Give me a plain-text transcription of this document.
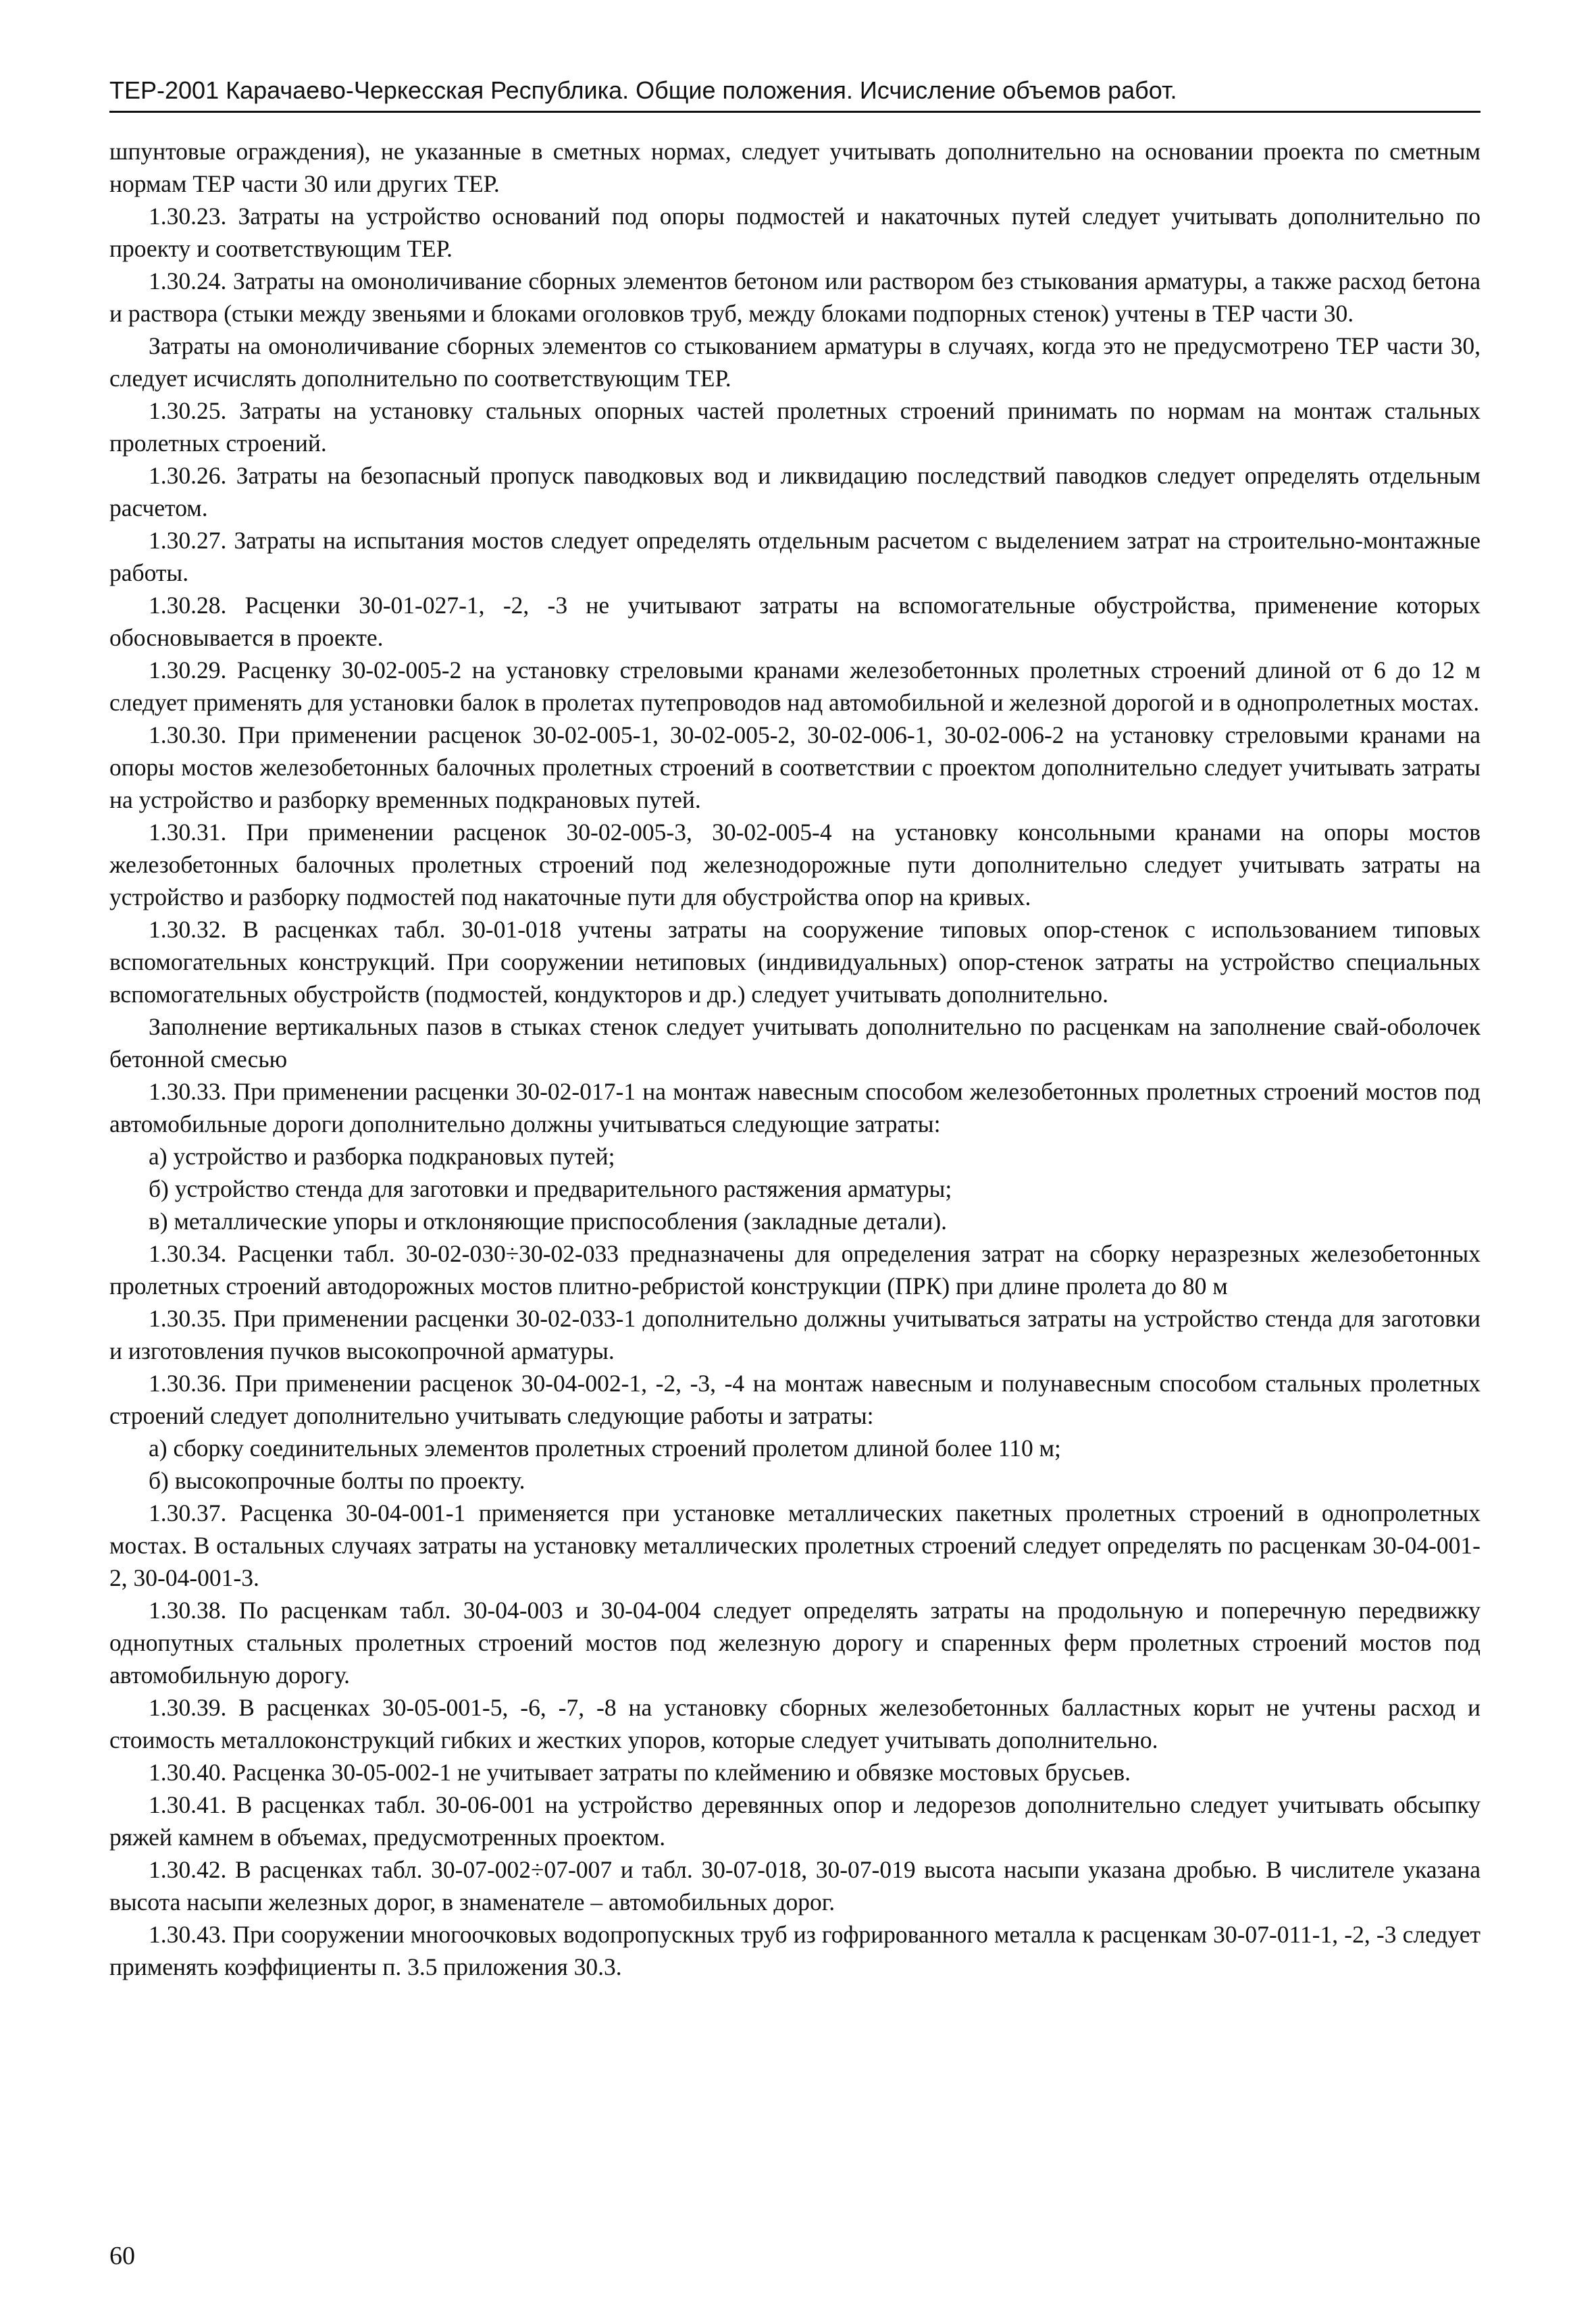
ТЕР-2001 Карачаево-Черкесская Республика. Общие положения. Исчисление объемов работ.

шпунтовые ограждения), не указанные в сметных нормах, следует учитывать дополнительно на основании проекта по сметным нормам ТЕР части 30 или других ТЕР.

1.30.23. Затраты на устройство оснований под опоры подмостей и накаточных путей следует учитывать дополнительно по проекту и соответствующим ТЕР.

1.30.24. Затраты на омоноличивание сборных элементов бетоном или раствором без стыкования арматуры, а также расход бетона и раствора (стыки между звеньями и блоками оголовков труб, между блоками подпорных стенок) учтены в ТЕР части 30.

Затраты на омоноличивание сборных элементов со стыкованием арматуры в случаях, когда это не предусмотрено ТЕР части 30, следует исчислять дополнительно по соответствующим ТЕР.

1.30.25. Затраты на установку стальных опорных частей пролетных строений принимать по нормам на монтаж стальных пролетных строений.

1.30.26. Затраты на безопасный пропуск паводковых вод и ликвидацию последствий паводков следует определять отдельным расчетом.

1.30.27. Затраты на испытания мостов следует определять отдельным расчетом с выделением затрат на строительно-монтажные работы.

1.30.28. Расценки 30-01-027-1, -2, -3 не учитывают затраты на вспомогательные обустройства, применение которых обосновывается в проекте.

1.30.29. Расценку 30-02-005-2 на установку стреловыми кранами железобетонных пролетных строений длиной от 6 до 12 м следует применять для установки балок в пролетах путепроводов над автомобильной и железной дорогой и в однопролетных мостах.

1.30.30. При применении расценок 30-02-005-1, 30-02-005-2, 30-02-006-1, 30-02-006-2 на установку стреловыми кранами на опоры мостов железобетонных балочных пролетных строений в соответствии с проектом дополнительно следует учитывать затраты на устройство и разборку временных подкрановых путей.

1.30.31. При применении расценок 30-02-005-3, 30-02-005-4 на установку консольными кранами на опоры мостов железобетонных балочных пролетных строений под железнодорожные пути дополнительно следует учитывать затраты на устройство и разборку подмостей под накаточные пути для обустройства опор на кривых.

1.30.32. В расценках табл. 30-01-018 учтены затраты на сооружение типовых опор-стенок с использованием типовых вспомогательных конструкций. При сооружении нетиповых (индивидуальных) опор-стенок затраты на устройство специальных вспомогательных обустройств (подмостей, кондукторов и др.) следует учитывать дополнительно.

Заполнение вертикальных пазов в стыках стенок следует учитывать дополнительно по расценкам на заполнение свай-оболочек бетонной смесью

1.30.33. При применении расценки 30-02-017-1 на монтаж навесным способом железобетонных пролетных строений мостов под автомобильные дороги дополнительно должны учитываться следующие затраты:

а) устройство и разборка подкрановых путей;

б) устройство стенда для заготовки и предварительного растяжения арматуры;

в) металлические упоры и отклоняющие приспособления (закладные детали).

1.30.34. Расценки табл. 30-02-030÷30-02-033 предназначены для определения затрат на сборку неразрезных железобетонных пролетных строений автодорожных мостов плитно-ребристой конструкции (ПРК) при длине пролета до 80 м

1.30.35. При применении расценки 30-02-033-1 дополнительно должны учитываться затраты на устройство стенда для заготовки и изготовления пучков высокопрочной арматуры.

1.30.36. При применении расценок 30-04-002-1, -2, -3, -4 на монтаж навесным и полунавесным способом стальных пролетных строений следует дополнительно учитывать следующие работы и затраты:

а) сборку соединительных элементов пролетных строений пролетом длиной более 110 м;

б) высокопрочные болты по проекту.

1.30.37. Расценка 30-04-001-1 применяется при установке металлических пакетных пролетных строений в однопролетных мостах. В остальных случаях затраты на установку металлических пролетных строений следует определять по расценкам 30-04-001-2, 30-04-001-3.

1.30.38. По расценкам табл. 30-04-003 и 30-04-004 следует определять затраты на продольную и поперечную передвижку однопутных стальных пролетных строений мостов под железную дорогу и спаренных ферм пролетных строений мостов под автомобильную дорогу.

1.30.39. В расценках 30-05-001-5, -6, -7, -8 на установку сборных железобетонных балластных корыт не учтены расход и стоимость металлоконструкций гибких и жестких упоров, которые следует учитывать дополнительно.

1.30.40. Расценка 30-05-002-1 не учитывает затраты по клеймению и обвязке мостовых брусьев.

1.30.41. В расценках табл. 30-06-001 на устройство деревянных опор и ледорезов дополнительно следует учитывать обсыпку ряжей камнем в объемах, предусмотренных проектом.

1.30.42. В расценках табл. 30-07-002÷07-007 и табл. 30-07-018, 30-07-019 высота насыпи указана дробью. В числителе указана высота насыпи железных дорог, в знаменателе – автомобильных дорог.

1.30.43. При сооружении многоочковых водопропускных труб из гофрированного металла к расценкам 30-07-011-1, -2, -3 следует применять коэффициенты п. 3.5 приложения 30.3.

60
